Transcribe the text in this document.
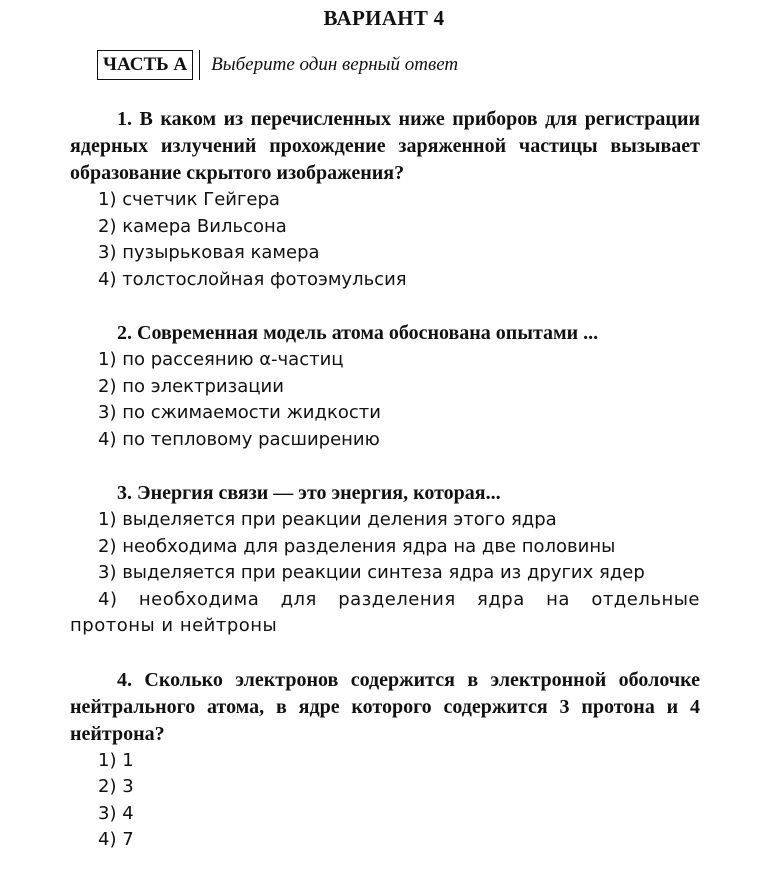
ВАРИАНТ 4
ЧАСТЬ А	Выберите один верный ответ
1. В каком из перечисленных ниже приборов для регистрации ядерных излучений прохождение заряженной частицы вызывает образование скрытого изображения?
1) счетчик Гейгера
2) камера Вильсона
3) пузырьковая камера
4) толстослойная фотоэмульсия
2. Современная модель атома обоснована опытами ...
1) по рассеянию α-частиц
2) по электризации
3) по сжимаемости жидкости
4) по тепловому расширению
3. Энергия связи — это энергия, которая...
1) выделяется при реакции деления этого ядра
2) необходима для разделения ядра на две половины
3) выделяется при реакции синтеза ядра из других ядер
4) необходима для разделения ядра на отдельные протоны и нейтроны
4. Сколько электронов содержится в электронной оболочке нейтрального атома, в ядре которого содержится 3 протона и 4 нейтрона?
1) 1
2) 3
3) 4
4) 7
